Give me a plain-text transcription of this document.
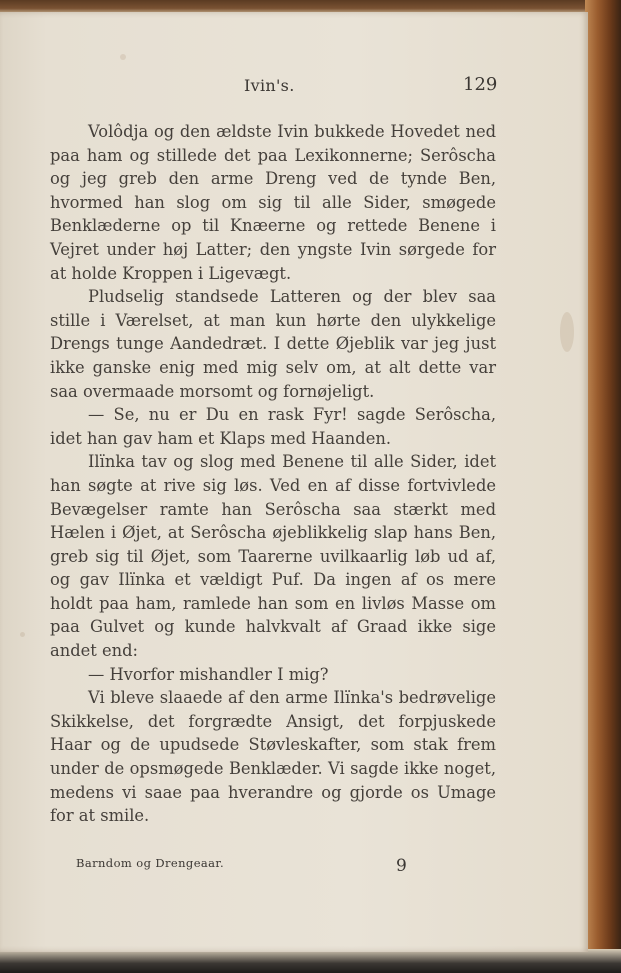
Ivin's.	129

Volôdja og den ældste Ivin bukkede Hovedet ned paa ham og stillede det paa Lexikonnerne; Serôscha og jeg greb den arme Dreng ved de tynde Ben, hvormed han slog om sig til alle Sider, smøgede Benklæderne op til Knæerne og rettede Benene i Vejret under høj Latter; den yngste Ivin sørgede for at holde Kroppen i Ligevægt.

Pludselig standsede Latteren og der blev saa stille i Værelset, at man kun hørte den ulykkelige Drengs tunge Aandedræt. I dette Øjeblik var jeg just ikke ganske enig med mig selv om, at alt dette var saa overmaade morsomt og fornøjeligt.

— Se, nu er Du en rask Fyr! sagde Serôscha, idet han gav ham et Klaps med Haanden.

Ilïnka tav og slog med Benene til alle Sider, idet han søgte at rive sig løs. Ved en af disse fortvivlede Bevægelser ramte han Serôscha saa stærkt med Hælen i Øjet, at Serôscha øjeblikkelig slap hans Ben, greb sig til Øjet, som Taarerne uvilkaarlig løb ud af, og gav Ilïnka et vældigt Puf. Da ingen af os mere holdt paa ham, ramlede han som en livløs Masse om paa Gulvet og kunde halvkvalt af Graad ikke sige andet end:

— Hvorfor mishandler I mig?

Vi bleve slaaede af den arme Ilïnka's bedrøvelige Skikkelse, det forgrædte Ansigt, det forpjuskede Haar og de upudsede Støvleskafter, som stak frem under de opsmøgede Benklæder. Vi sagde ikke noget, medens vi saae paa hverandre og gjorde os Umage for at smile.

Barndom og Drengeaar.	9
